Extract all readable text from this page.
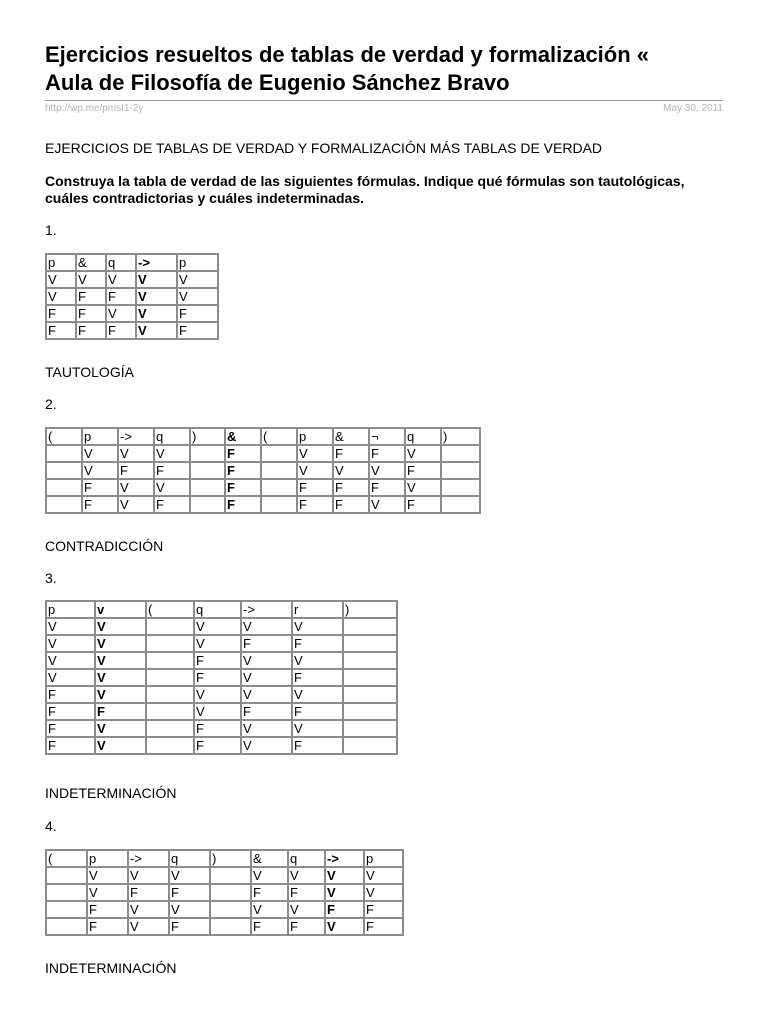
Ejercicios resueltos de tablas de verdad y formalización «
Aula de Filosofía de Eugenio Sánchez Bravo
http://wp.me/pmsI1-2y	May 30, 2011
EJERCICIOS DE TABLAS DE VERDAD Y FORMALIZACIÓN MÁS TABLAS DE VERDAD
Construya la tabla de verdad de las siguientes fórmulas. Indique qué fórmulas son tautológicas, cuáles contradictorias y cuáles indeterminadas.
1.
p	&	q	->	p
V	V	V	V	V
V	F	F	V	V
F	F	V	V	F
F	F	F	V	F
TAUTOLOGÍA
2.
(	p	->	q	)	&	(	p	&	¬	q	)
	V	V	V		F		V	F	F	V	
	V	F	F		F		V	V	V	F	
	F	V	V		F		F	F	F	V	
	F	V	F		F		F	F	V	F	
CONTRADICCIÓN
3.
p	v	(	q	->	r	)
V	V		V	V	V	
V	V		V	F	F	
V	V		F	V	V	
V	V		F	V	F	
F	V		V	V	V	
F	F		V	F	F	
F	V		F	V	V	
F	V		F	V	F	
INDETERMINACIÓN
4.
(	p	->	q	)	&	q	->	p
	V	V	V		V	V	V	V
	V	F	F		F	F	V	V
	F	V	V		V	V	F	F
	F	V	F		F	F	V	F
INDETERMINACIÓN
